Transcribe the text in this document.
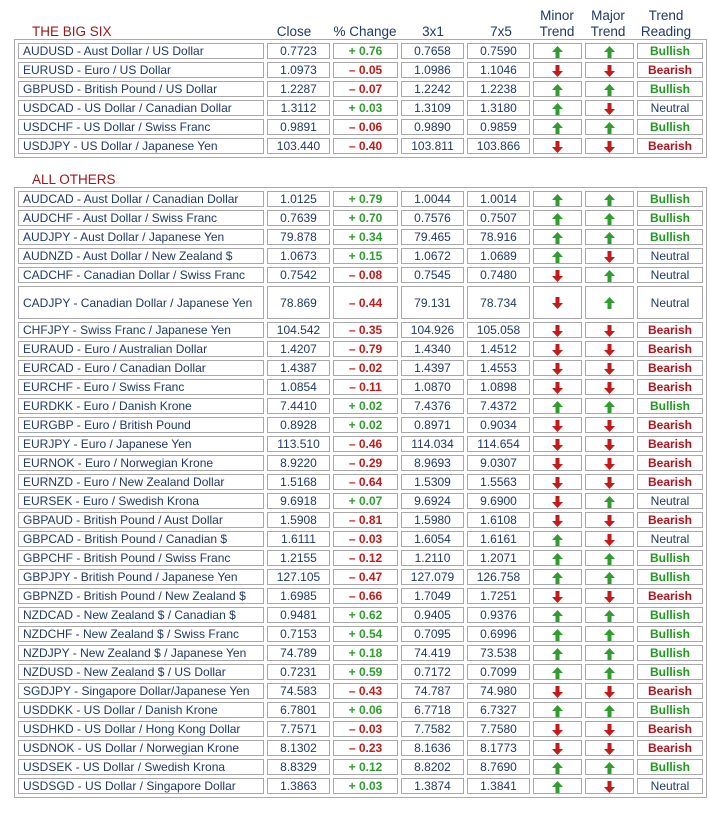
THE BIG SIX	Close	% Change	3x1	7x5
Minor Trend
Major Trend
Trend Reading
AUDUSD - Aust Dollar / US Dollar	0.7723	+ 0.76	0.7658	0.7590			Bullish
EURUSD - Euro / US Dollar	1.0973	– 0.05	1.0986	1.1046			Bearish
GBPUSD - British Pound / US Dollar	1.2287	– 0.07	1.2242	1.2238			Bullish
USDCAD - US Dollar / Canadian Dollar	1.3112	+ 0.03	1.3109	1.3180			Neutral
USDCHF - US Dollar / Swiss Franc	0.9891	– 0.06	0.9890	0.9859			Bullish
USDJPY - US Dollar / Japanese Yen	103.440	– 0.40	103.811	103.866			Bearish
ALL OTHERS
AUDCAD - Aust Dollar / Canadian Dollar	1.0125	+ 0.79	1.0044	1.0014			Bullish
AUDCHF - Aust Dollar / Swiss Franc	0.7639	+ 0.70	0.7576	0.7507			Bullish
AUDJPY - Aust Dollar / Japanese Yen	79.878	+ 0.34	79.465	78.916			Bullish
AUDNZD - Aust Dollar / New Zealand $	1.0673	+ 0.15	1.0672	1.0689			Neutral
CADCHF - Canadian Dollar / Swiss Franc	0.7542	– 0.08	0.7545	0.7480			Neutral
CADJPY - Canadian Dollar / Japanese Yen	78.869	– 0.44	79.131	78.734			Neutral
CHFJPY - Swiss Franc / Japanese Yen	104.542	– 0.35	104.926	105.058			Bearish
EURAUD - Euro / Australian Dollar	1.4207	– 0.79	1.4340	1.4512			Bearish
EURCAD - Euro / Canadian Dollar	1.4387	– 0.02	1.4397	1.4553			Bearish
EURCHF - Euro / Swiss Franc	1.0854	– 0.11	1.0870	1.0898			Bearish
EURDKK - Euro / Danish Krone	7.4410	+ 0.02	7.4376	7.4372			Bullish
EURGBP - Euro / British Pound	0.8928	+ 0.02	0.8971	0.9034			Bearish
EURJPY - Euro / Japanese Yen	113.510	– 0.46	114.034	114.654			Bearish
EURNOK - Euro / Norwegian Krone	8.9220	– 0.29	8.9693	9.0307			Bearish
EURNZD - Euro / New Zealand Dollar	1.5168	– 0.64	1.5309	1.5563			Bearish
EURSEK - Euro / Swedish Krona	9.6918	+ 0.07	9.6924	9.6900			Neutral
GBPAUD - British Pound / Aust Dollar	1.5908	– 0.81	1.5980	1.6108			Bearish
GBPCAD - British Pound / Canadian $	1.6111	– 0.03	1.6054	1.6161			Neutral
GBPCHF - British Pound / Swiss Franc	1.2155	– 0.12	1.2110	1.2071			Bullish
GBPJPY - British Pound / Japanese Yen	127.105	– 0.47	127.079	126.758			Bullish
GBPNZD - British Pound / New Zealand $	1.6985	– 0.66	1.7049	1.7251			Bearish
NZDCAD - New Zealand $ / Canadian $	0.9481	+ 0.62	0.9405	0.9376			Bullish
NZDCHF - New Zealand $ / Swiss Franc	0.7153	+ 0.54	0.7095	0.6996			Bullish
NZDJPY - New Zealand $ / Japanese Yen	74.789	+ 0.18	74.419	73.538			Bullish
NZDUSD - New Zealand $ / US Dollar	0.7231	+ 0.59	0.7172	0.7099			Bullish
SGDJPY - Singapore Dollar/Japanese Yen	74.583	– 0.43	74.787	74.980			Bearish
USDDKK - US Dollar / Danish Krone	6.7801	+ 0.06	6.7718	6.7327			Bullish
USDHKD - US Dollar / Hong Kong Dollar	7.7571	– 0.03	7.7582	7.7580			Bearish
USDNOK - US Dollar / Norwegian Krone	8.1302	– 0.23	8.1636	8.1773			Bearish
USDSEK - US Dollar / Swedish Krona	8.8329	+ 0.12	8.8202	8.7690			Bullish
USDSGD - US Dollar / Singapore Dollar	1.3863	+ 0.03	1.3874	1.3841			Neutral
